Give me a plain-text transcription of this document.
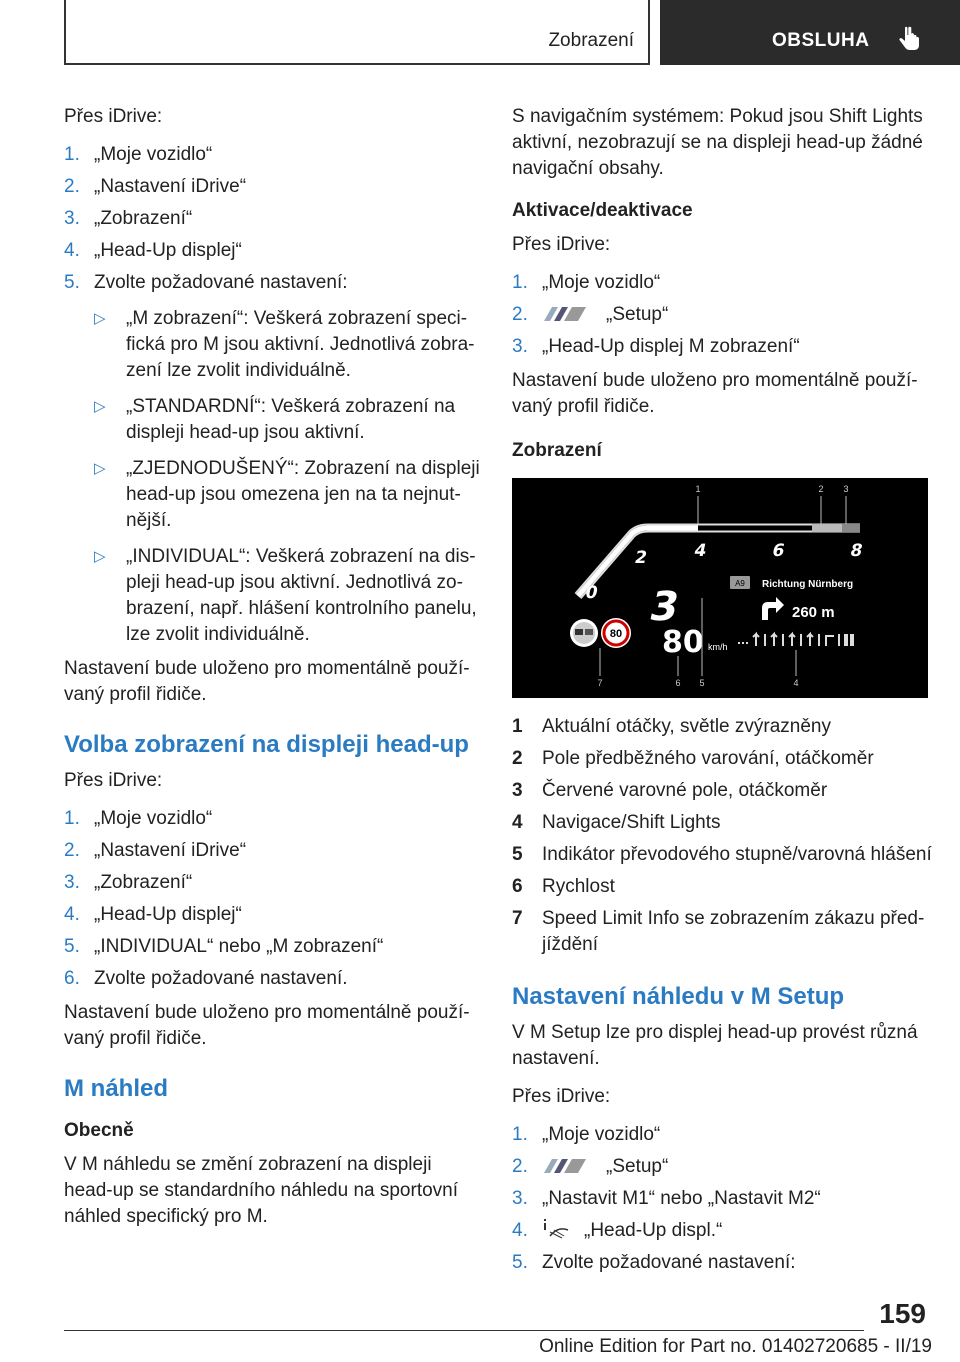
Zobrazení	OBSLUHA

Přes iDrive:

1. „Moje vozidlo“
2. „Nastavení iDrive“
3. „Zobrazení“
4. „Head-Up displej“
5. Zvolte požadované nastavení:
▷ „M zobrazení“: Veškerá zobrazení specifická pro M jsou aktivní. Jednotlivá zobrazení lze zvolit individuálně.
▷ „STANDARDNÍ“: Veškerá zobrazení na displeji head-up jsou aktivní.
▷ „ZJEDNODUŠENÝ“: Zobrazení na displeji head-up jsou omezena jen na ta nejnutnější.
▷ „INDIVIDUAL“: Veškerá zobrazení na displeji head-up jsou aktivní. Jednotlivá zobrazení, např. hlášení kontrolního panelu, lze zvolit individuálně.

Nastavení bude uloženo pro momentálně používaný profil řidiče.

Volba zobrazení na displeji head-up

Přes iDrive:

1. „Moje vozidlo“
2. „Nastavení iDrive“
3. „Zobrazení“
4. „Head-Up displej“
5. „INDIVIDUAL“ nebo „M zobrazení“
6. Zvolte požadované nastavení.

Nastavení bude uloženo pro momentálně používaný profil řidiče.

M náhled
Obecně

V M náhledu se změní zobrazení na displeji head-up se standardního náhledu na sportovní náhled specifický pro M.

S navigačním systémem: Pokud jsou Shift Lights aktivní, nezobrazují se na displeji head-up žádné navigační obsahy.

Aktivace/deaktivace

Přes iDrive:

1. „Moje vozidlo“
2.	„Setup“
3. „Head-Up displej M zobrazení“

Nastavení bude uloženo pro momentálně používaný profil řidiče.

Zobrazení
1	2 3
0
2	4	6	8
3
80 km/h
80
A9 Richtung Nürnberg
260 m
7	6 5	4
1 Aktuální otáčky, světle zvýrazněny
2 Pole předběžného varování, otáčkoměr
3 Červené varovné pole, otáčkoměr
4 Navigace/Shift Lights
5 Indikátor převodového stupně/varovná hlášení
6 Rychlost
7 Speed Limit Info se zobrazením zákazu předjíždění
Nastavení náhledu v M Setup

V M Setup lze pro displej head-up provést různá nastavení.

Přes iDrive:

1. „Moje vozidlo“
2.	„Setup“
3. „Nastavit M1“ nebo „Nastavit M2“
4.	„Head-Up displ.“
5. Zvolte požadované nastavení:
159
Online Edition for Part no. 01402720685 - II/19
